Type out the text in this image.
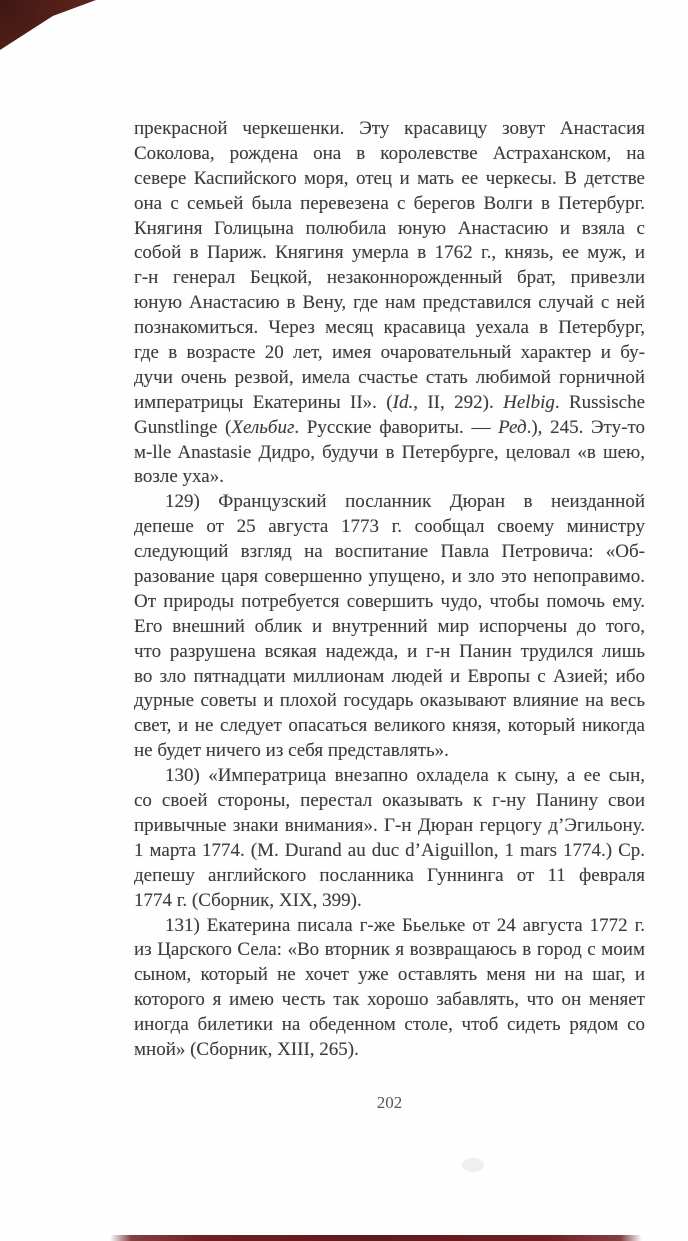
прекрасной черкешенки. Эту красавицу зовут Анастасия
Соколова, рождена она в королевстве Астраханском, на
севере Каспийского моря, отец и мать ее черкесы. В детстве
она с семьей была перевезена с берегов Волги в Петербург.
Княгиня Голицына полюбила юную Анастасию и взяла с
собой в Париж. Княгиня умерла в 1762 г., князь, ее муж, и
г-н генерал Бецкой, незаконнорожденный брат, привезли
юную Анастасию в Вену, где нам представился случай с ней
познакомиться. Через месяц красавица уехала в Петербург,
где в возрасте 20 лет, имея очаровательный характер и бу-
дучи очень резвой, имела счастье стать любимой горничной
императрицы Екатерины II». (Id., II, 292). Helbig. Russische
Gunstlinge (Хельбиг. Русские фавориты. — Ред.), 245. Эту-то
м-lle Anastasie Дидро, будучи в Петербурге, целовал «в шею,
возле уха».
129) Французский посланник Дюран в неизданной
депеше от 25 августа 1773 г. сообщал своему министру
следующий взгляд на воспитание Павла Петровича: «Об-
разование царя совершенно упущено, и зло это непоправимо.
От природы потребуется совершить чудо, чтобы помочь ему.
Его внешний облик и внутренний мир испорчены до того,
что разрушена всякая надежда, и г-н Панин трудился лишь
во зло пятнадцати миллионам людей и Европы с Азией; ибо
дурные советы и плохой государь оказывают влияние на весь
свет, и не следует опасаться великого князя, который никогда
не будет ничего из себя представлять».
130) «Императрица внезапно охладела к сыну, а ее сын,
со своей стороны, перестал оказывать к г-ну Панину свои
привычные знаки внимания». Г-н Дюран герцогу д’Эгильону.
1 марта 1774. (M. Durand au duc d’Aiguillon, 1 mars 1774.) Ср.
депешу английского посланника Гуннинга от 11 февраля
1774 г. (Сборник, XIX, 399).
131) Екатерина писала г-же Бьельке от 24 августа 1772 г.
из Царского Села: «Во вторник я возвращаюсь в город с моим
сыном, который не хочет уже оставлять меня ни на шаг, и
которого я имею честь так хорошо забавлять, что он меняет
иногда билетики на обеденном столе, чтоб сидеть рядом со
мной» (Сборник, XIII, 265).
202
